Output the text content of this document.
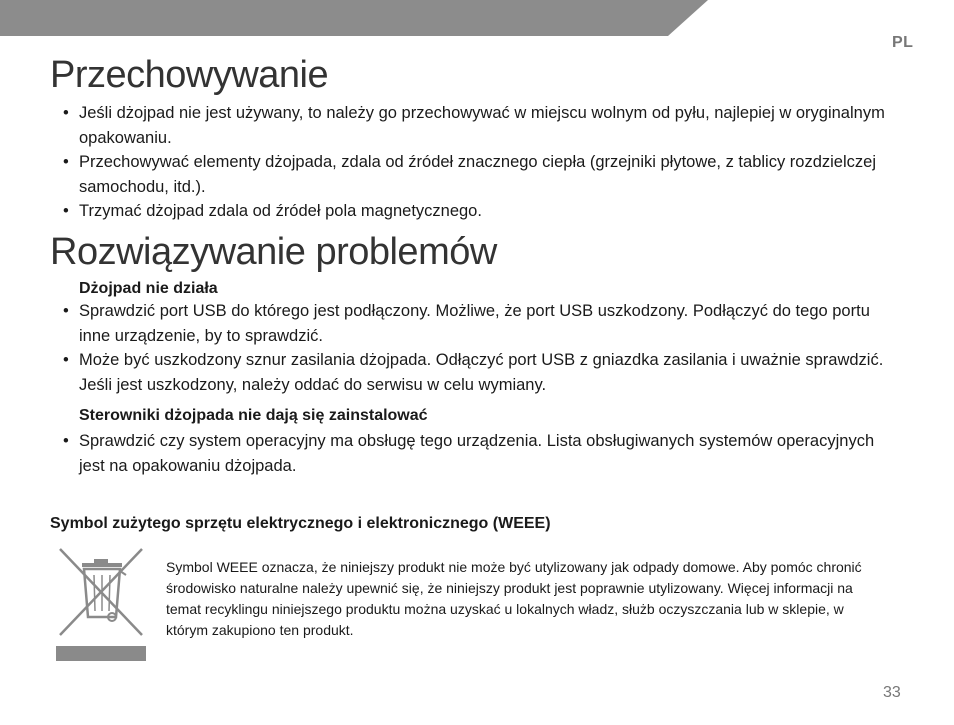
PL
Przechowywanie
• Jeśli dżojpad nie jest używany, to należy go przechowywać w miejscu wolnym od pyłu, najlepiej w oryginalnym opakowaniu.
• Przechowywać elementy dżojpada, zdala od źródeł znacznego ciepła (grzejniki płytowe, z tablicy rozdzielczej samochodu, itd.).
• Trzymać dżojpad zdala od źródeł pola magnetycznego.
Rozwiązywanie problemów
Dżojpad nie działa
• Sprawdzić port USB do którego jest podłączony. Możliwe, że port USB uszkodzony. Podłączyć do tego portu inne urządzenie, by to sprawdzić.
• Może być uszkodzony sznur zasilania dżojpada. Odłączyć port USB z gniazdka zasilania i uważnie sprawdzić. Jeśli jest uszkodzony, należy oddać do serwisu w celu wymiany.
Sterowniki dżojpada nie dają się zainstalować
• Sprawdzić czy system operacyjny ma obsługę tego urządzenia. Lista obsługiwanych systemów operacyjnych jest na opakowaniu dżojpada.
Symbol zużytego sprzętu elektrycznego i elektronicznego (WEEE)

Symbol WEEE oznacza, że niniejszy produkt nie może być utylizowany jak odpady domowe. Aby pomóc chronić środowisko naturalne należy upewnić się, że niniejszy produkt jest poprawnie utylizowany. Więcej informacji na temat recyklingu niniejszego produktu można uzyskać u lokalnych władz, służb oczyszczania lub w sklepie, w którym zakupiono ten produkt.

33
